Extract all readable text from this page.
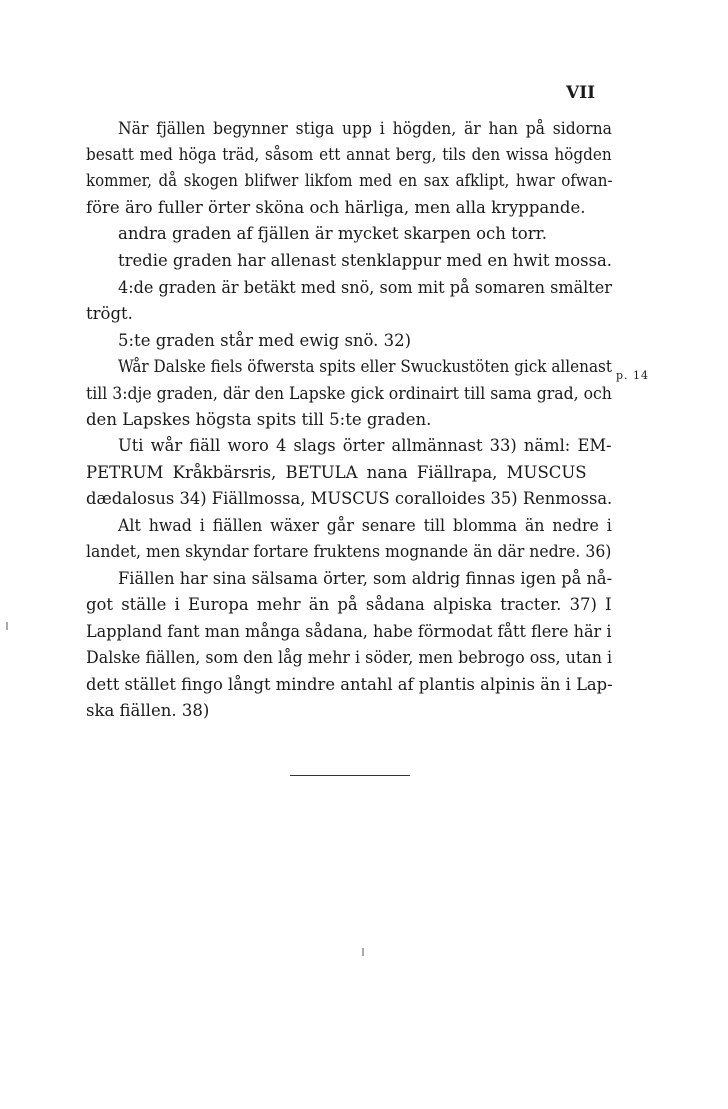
VII
p. 14
När fjällen begynner stiga upp i högden, är han på sidorna
besatt med höga träd, såsom ett annat berg, tils den wissa högden
kommer, då skogen blifwer likfom med en sax afklipt, hwar ofwan-
före äro fuller örter sköna och härliga, men alla kryppande.
andra graden af fjällen är mycket skarpen och torr.
tredie graden har allenast stenklappur med en hwit mossa.
4:de graden är betäkt med snö, som mit på somaren smälter
trögt.
5:te graden står med ewig snö. 32)
Wår Dalske fiels öfwersta spits eller Swuckustöten gick allenast
till 3:dje graden, där den Lapske gick ordinairt till sama grad, och
den Lapskes högsta spits till 5:te graden.
Uti wår fiäll woro 4 slags örter allmännast 33) näml: EM-
PETRUM Kråkbärsris, BETULA nana Fiällrapa, MUSCUS
dædalosus 34) Fiällmossa, MUSCUS coralloides 35) Renmossa.
Alt hwad i fiällen wäxer går senare till blomma än nedre i
landet, men skyndar fortare fruktens mognande än där nedre. 36)
Fiällen har sina sälsama örter, som aldrig finnas igen på nå-
got ställe i Europa mehr än på sådana alpiska tracter. 37) I
Lappland fant man många sådana, habe förmodat fått flere här i
Dalske fiällen, som den låg mehr i söder, men bebrogo oss, utan i
dett stället fingo långt mindre antahl af plantis alpinis än i Lap-
ska fiällen. 38)
